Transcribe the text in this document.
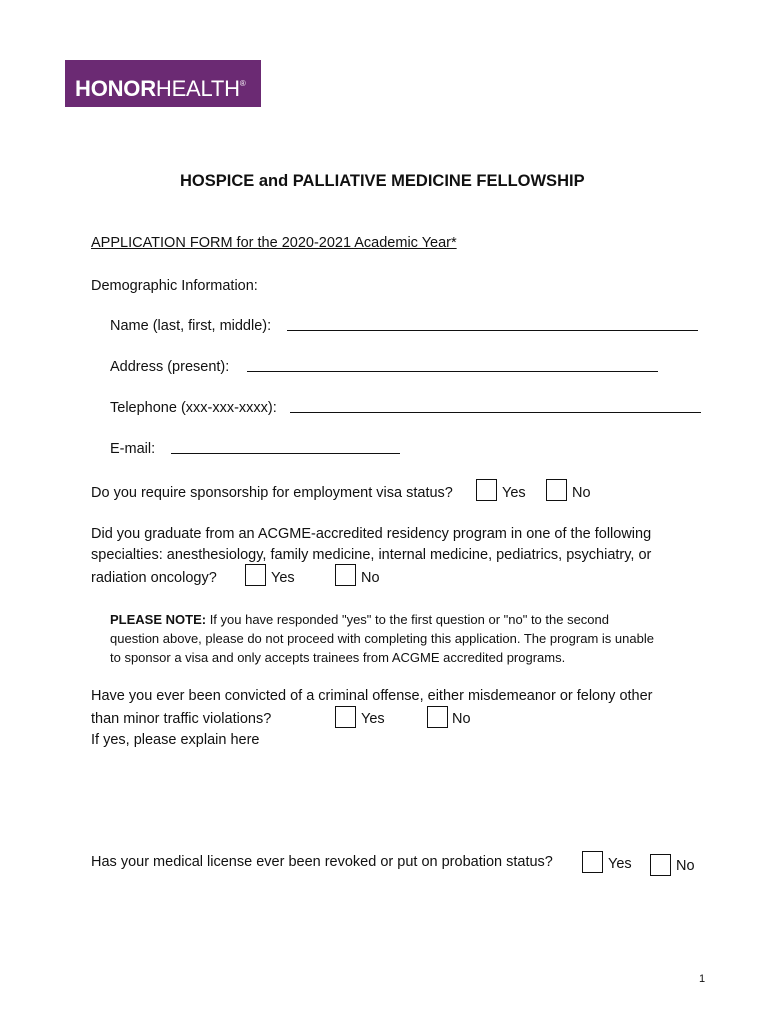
HONORHEALTH®
HOSPICE and PALLIATIVE MEDICINE FELLOWSHIP
APPLICATION FORM for the 2020-2021 Academic Year*
Demographic Information:
Name (last, first, middle):
Address (present):
Telephone (xxx-xxx-xxxx):
E-mail:
Do you require sponsorship for employment visa status?	Yes	No
Did you graduate from an ACGME-accredited residency program in one of the following
specialties: anesthesiology, family medicine, internal medicine, pediatrics, psychiatry, or
radiation oncology?	Yes	No

PLEASE NOTE: If you have responded "yes" to the first question or "no" to the second

question above, please do not proceed with completing this application. The program is unable

to sponsor a visa and only accepts trainees from ACGME accredited programs.

Have you ever been convicted of a criminal offense, either misdemeanor or felony other
than minor traffic violations?	Yes	No
If yes, please explain here
Has your medical license ever been revoked or put on probation status?	Yes	No
1
